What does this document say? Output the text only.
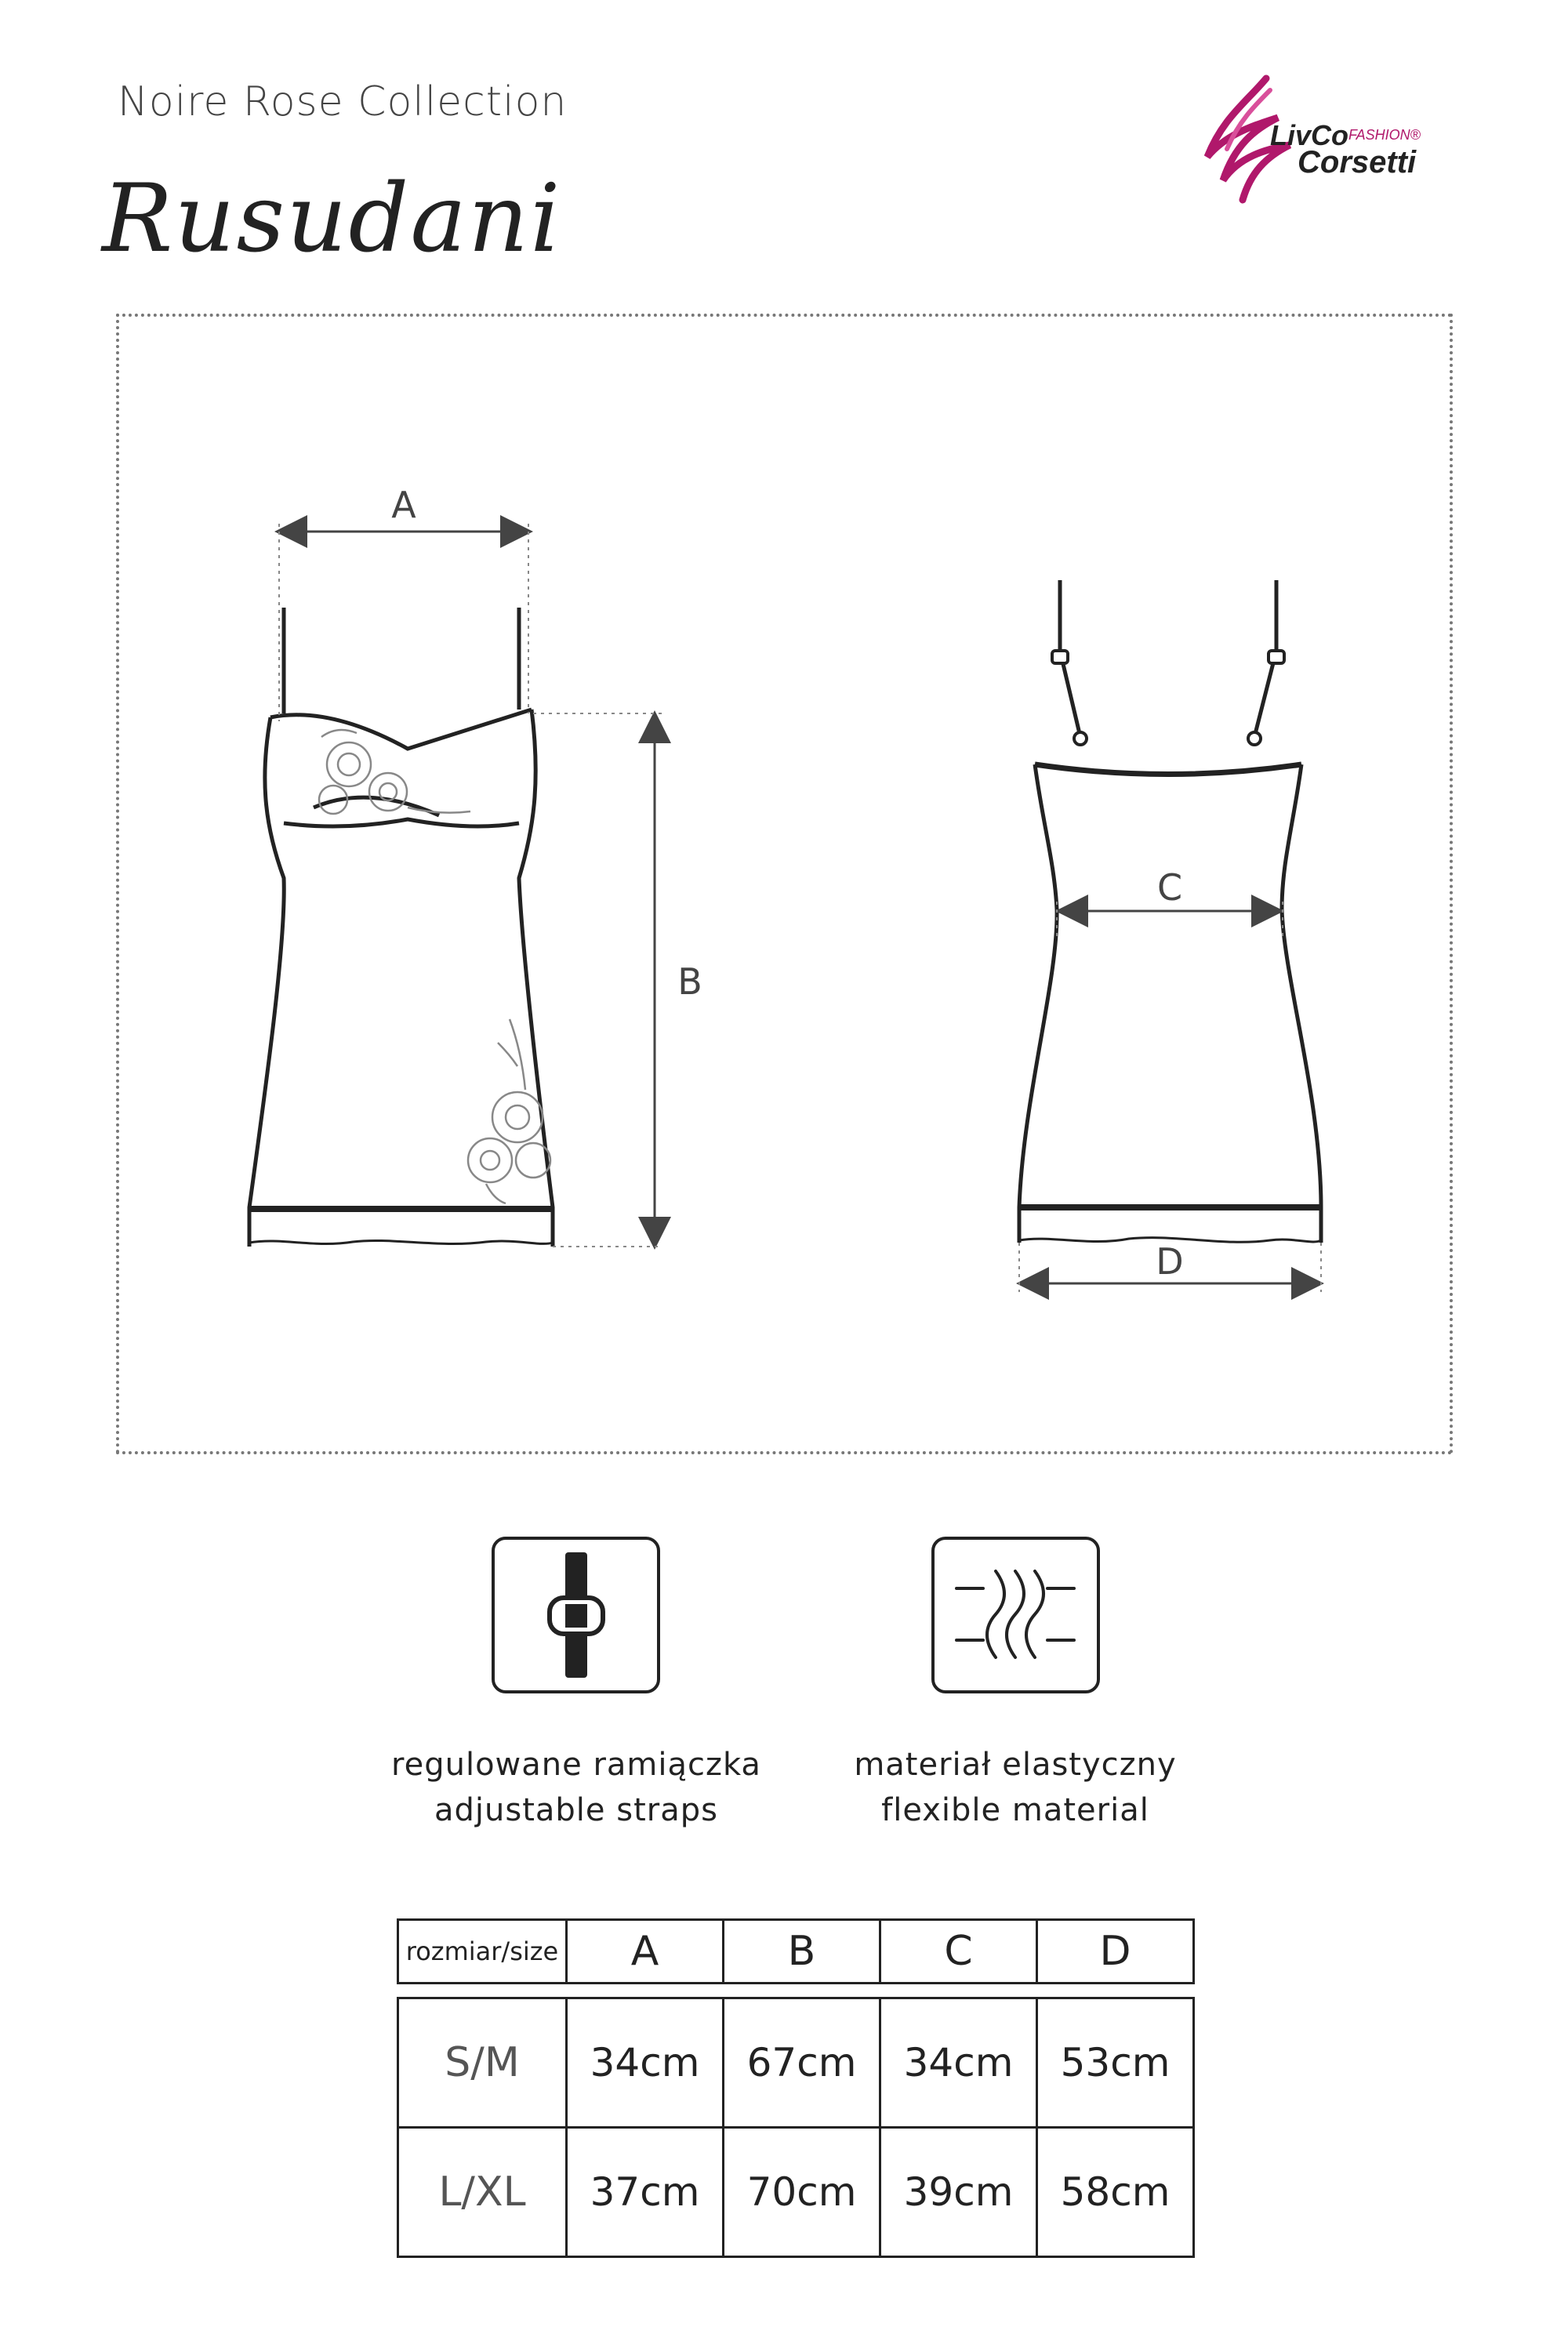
Noire Rose Collection
Rusudani
LivCo FASHION®
Corsetti
A
B
C
D
regulowane ramiączka
adjustable straps
materiał elastyczny
flexible material
rozmiar/size	A	B	C	D

S/M	34cm	67cm	34cm	53cm
L/XL	37cm	70cm	39cm	58cm
